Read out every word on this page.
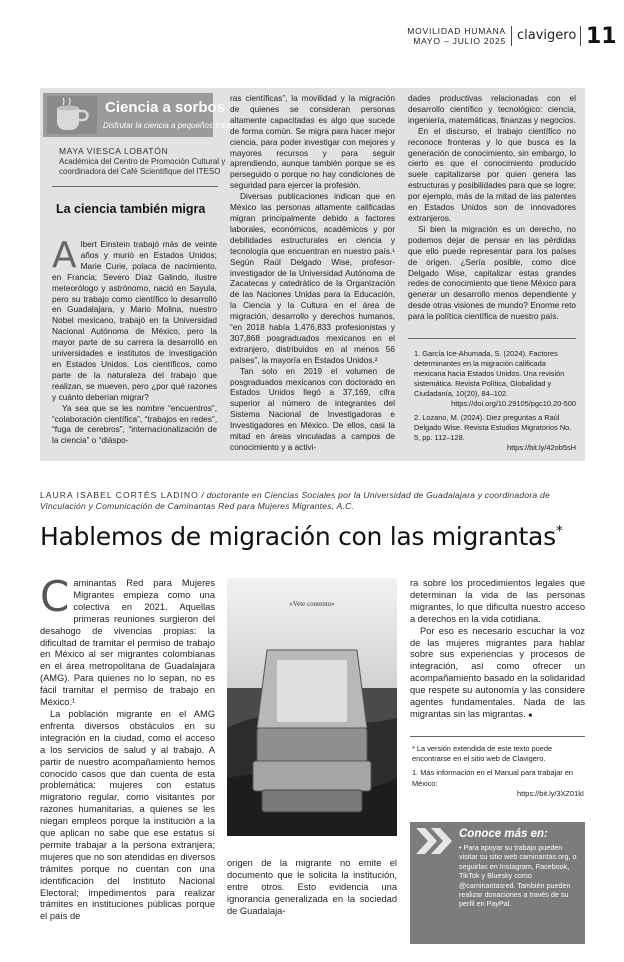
MOVILIDAD HUMANA
MAYO – JULIO 2025 clavigero 11
Ciencia a sorbos
Disfrutar la ciencia a pequeños tragos
MAYA VIESCA LOBATÓN
Académica del Centro de Promoción Cultural y coordinadora del Café Scientifique del ITESO
La ciencia también migra
A lbert Einstein trabajó más de veinte años y murió en Estados Unidos; Marie Curie, polaca de nacimiento, en Francia; Severo Díaz Galindo, ilustre meteorólogo y astrónomo, nació en Sayula, pero su trabajo como científico lo desarrolló en Guadalajara, y Mario Molina, nuestro Nobel mexicano, trabajó en la Universidad Nacional Autónoma de México, pero la mayor parte de su carrera la desarrolló en universidades e institutos de investigación en Estados Unidos. Los científicos, como parte de la naturaleza del trabajo que realizan, se mueven, pero ¿por qué razones y cuánto deberían migrar?

Ya sea que se les nombre “encuentros”, “colaboración científica”, “trabajos en redes”, “fuga de cerebros”, “internacionalización de la ciencia” o “diáspo-

ras científicas”, la movilidad y la migración de quienes se consideran personas altamente capacitadas es algo que sucede de forma común. Se migra para hacer mejor ciencia, para poder investigar con mejores y mayores recursos y para seguir aprendiendo, aunque también porque se es perseguido o porque no hay condiciones de seguridad para ejercer la profesión.

Diversas publicaciones indican que en México las personas altamente calificadas migran principalmente debido a factores laborales, económicos, académicos y por debilidades estructurales en ciencia y tecnología que encuentran en nuestro país.¹ Según Raúl Delgado Wise, profesor-investigador de la Universidad Autónoma de Zacatecas y catedrático de la Organización de las Naciones Unidas para la Educación, la Ciencia y la Cultura en el área de migración, desarrollo y derechos humanos, “en 2018 había 1,476,833 profesionistas y 307,868 posgraduados mexicanos en el extranjero, distribuidos en al menos 56 países”, la mayoría en Estados Unidos.²

Tan solo en 2019 el volumen de posgraduados mexicanos con doctorado en Estados Unidos llegó a 37,169, cifra superior al número de integrantes del Sistema Nacional de Investigadoras e Investigadores en México. De ellos, casi la mitad en áreas vinculadas a campos de conocimiento y a activi-

dades productivas relacionadas con el desarrollo científico y tecnológico: ciencia, ingeniería, matemáticas, finanzas y negocios.

En el discurso, el trabajo científico no reconoce fronteras y lo que busca es la generación de conocimiento, sin embargo, lo cierto es que el conocimiento producido suele capitalizarse por quien genera las estructuras y posibilidades para que se logre; por ejemplo, más de la mitad de las patentes en Estados Unidos son de innovadores extranjeros.

Si bien la migración es un derecho, no podemos dejar de pensar en las pérdidas que ello puede representar para los países de origen. ¿Sería posible, como dice Delgado Wise, capitalizar estas grandes redes de conocimiento que tiene México para generar un desarrollo menos dependiente y desde otras visiones de mundo? Enorme reto para la política científica de nuestro país.

1. García Ice-Ahumada, S. (2024). Factores determinantes en la migración calificada mexicana hacia Estados Unidos. Una revisión sistemática. Revista Política, Globalidad y Ciudadanía, 10(20), 84–102.
https://doi.org/10.29105/pgc10.20-500
2. Lozano, M. (2024). Diez preguntas a Raúl Delgado Wise. Revista Estudios Migratorios No. 5, pp. 112–128.
https://bit.ly/42ob5sH
LAURA ISABEL CORTÉS LADINO / doctorante en Ciencias Sociales por la Universidad de Guadalajara y coordinadora de Vinculación y Comunicación de Caminantas Red para Mujeres Migrantes, A.C.
Hablemos de migración con las migrantas*
C aminantas Red para Mujeres Migrantes empieza como una colectiva en 2021. Aquellas primeras reuniones surgieron del desahogo de vivencias propias: la dificultad de tramitar el permiso de trabajo en México al ser migrantes colombianas en el área metropolitana de Guadalajara (AMG). Para quienes no lo sepan, no es fácil tramitar el permiso de trabajo en México.¹

La población migrante en el AMG enfrenta diversos obstáculos en su integración en la ciudad, como el acceso a los servicios de salud y al trabajo. A partir de nuestro acompañamiento hemos conocido casos que dan cuenta de esta problemática: mujeres con estatus migratorio regular, como visitantes por razones humanitarias, a quienes se les niegan empleos porque la institución a la que aplican no sabe que ese estatus sí permite trabajar a la persona extranjera; mujeres que no son atendidas en diversos trámites porque no cuentan con una identificación del Instituto Nacional Electoral; impedimentos para realizar trámites en instituciones públicas porque el país de

«Vete contento»
origen de la migrante no emite el documento que le solicita la institución, entre otros. Esto evidencia una ignorancia generalizada en la sociedad de Guadalaja-

ra sobre los procedimientos legales que determinan la vida de las personas migrantes, lo que dificulta nuestro acceso a derechos en la vida cotidiana.

Por eso es necesario escuchar la voz de las mujeres migrantes para hablar sobre sus experiencias y procesos de integración, así como ofrecer un acompañamiento basado en la solidaridad que respete su autonomía y las considere agentes fundamentales. Nada de las migrantas sin las migrantas. ■

* La versión extendida de este texto puede encontrarse en el sitio web de Clavigero.
1. Más información en el Manual para trabajar en México:
https://bit.ly/3XZ01kI
Conoce más en:
• Para apoyar su trabajo pueden visitar su sitio web caminantas.org, o seguirlas en Instagram, Facebook, TikTok y Bluesky como @caminantasred. También pueden realizar donaciones a través de su perfil en PayPal.
